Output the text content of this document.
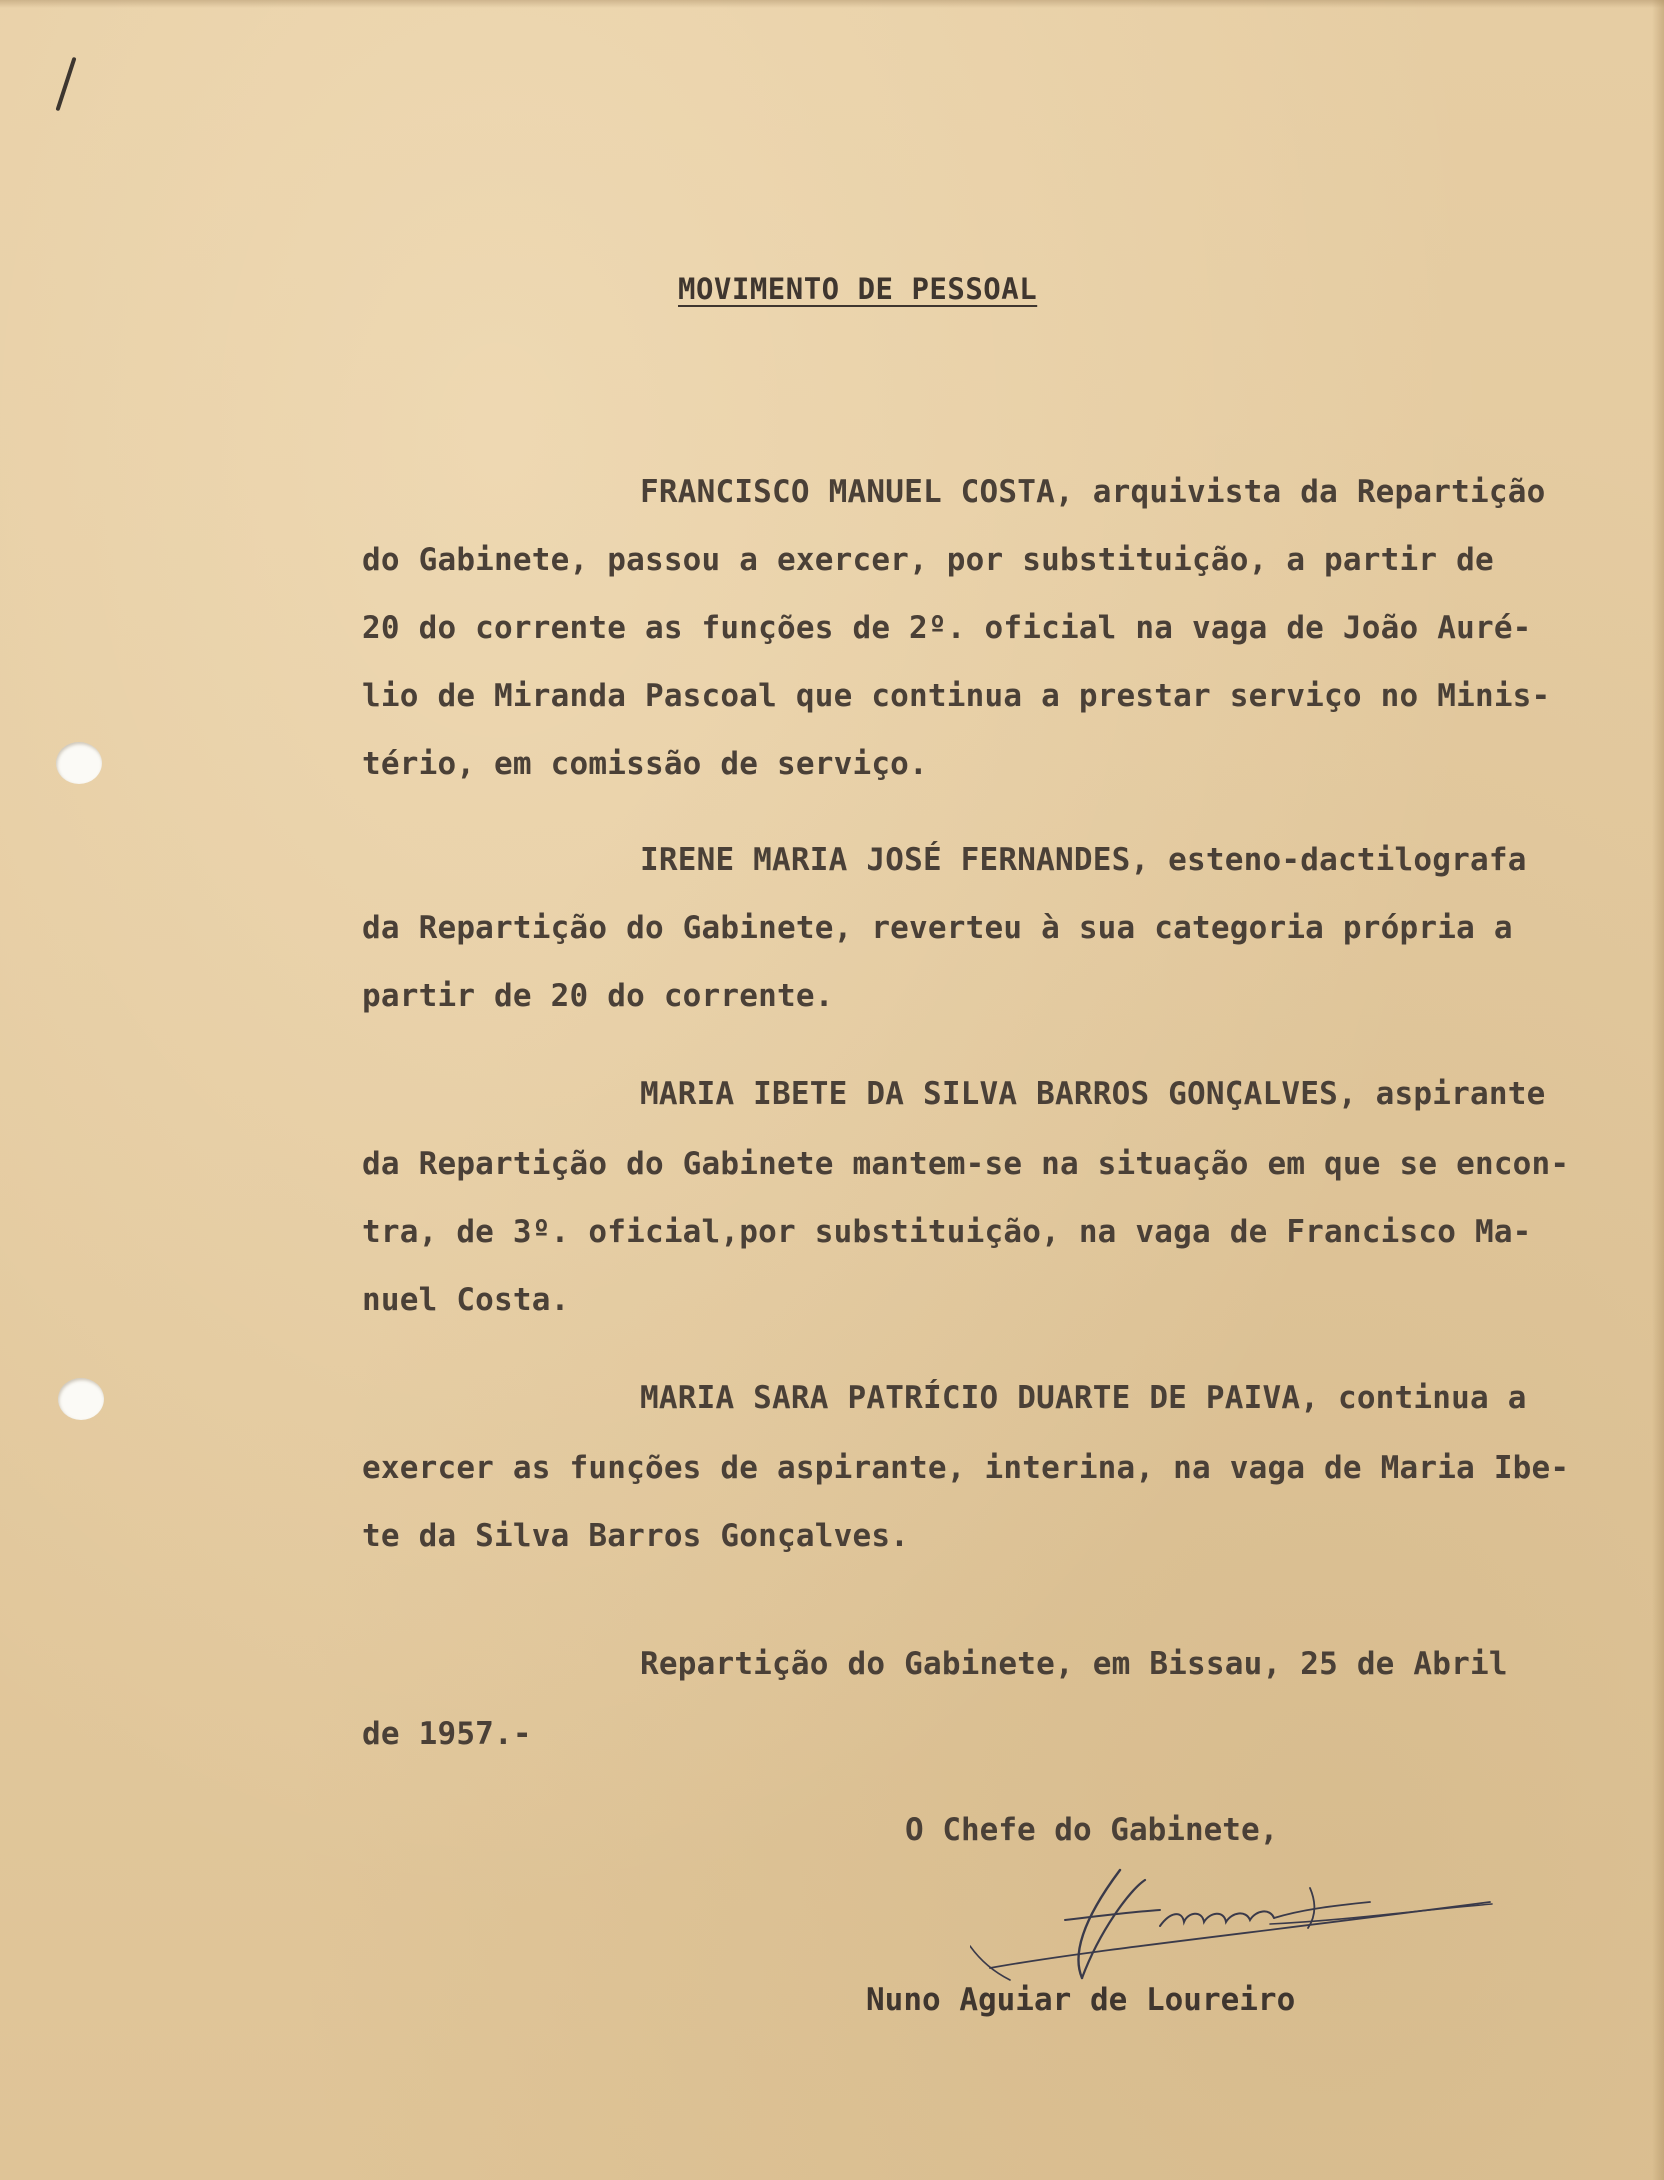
MOVIMENTO DE PESSOAL
FRANCISCO MANUEL COSTA, arquivista da Repartição
do Gabinete, passou a exercer, por substituição, a partir de
20 do corrente as funções de 2º. oficial na vaga de João Auré-
lio de Miranda Pascoal que continua a prestar serviço no Minis-
tério, em comissão de serviço.
IRENE MARIA JOSÉ FERNANDES, esteno-dactilografa
da Repartição do Gabinete, reverteu à sua categoria própria a
partir de 20 do corrente.
MARIA IBETE DA SILVA BARROS GONÇALVES, aspirante
da Repartição do Gabinete mantem-se na situação em que se encon-
tra, de 3º. oficial,por substituição, na vaga de Francisco Ma-
nuel Costa.
MARIA SARA PATRÍCIO DUARTE DE PAIVA, continua a
exercer as funções de aspirante, interina, na vaga de Maria Ibe-
te da Silva Barros Gonçalves.
Repartição do Gabinete, em Bissau, 25 de Abril
de 1957.-
O Chefe do Gabinete,
Nuno Aguiar de Loureiro
